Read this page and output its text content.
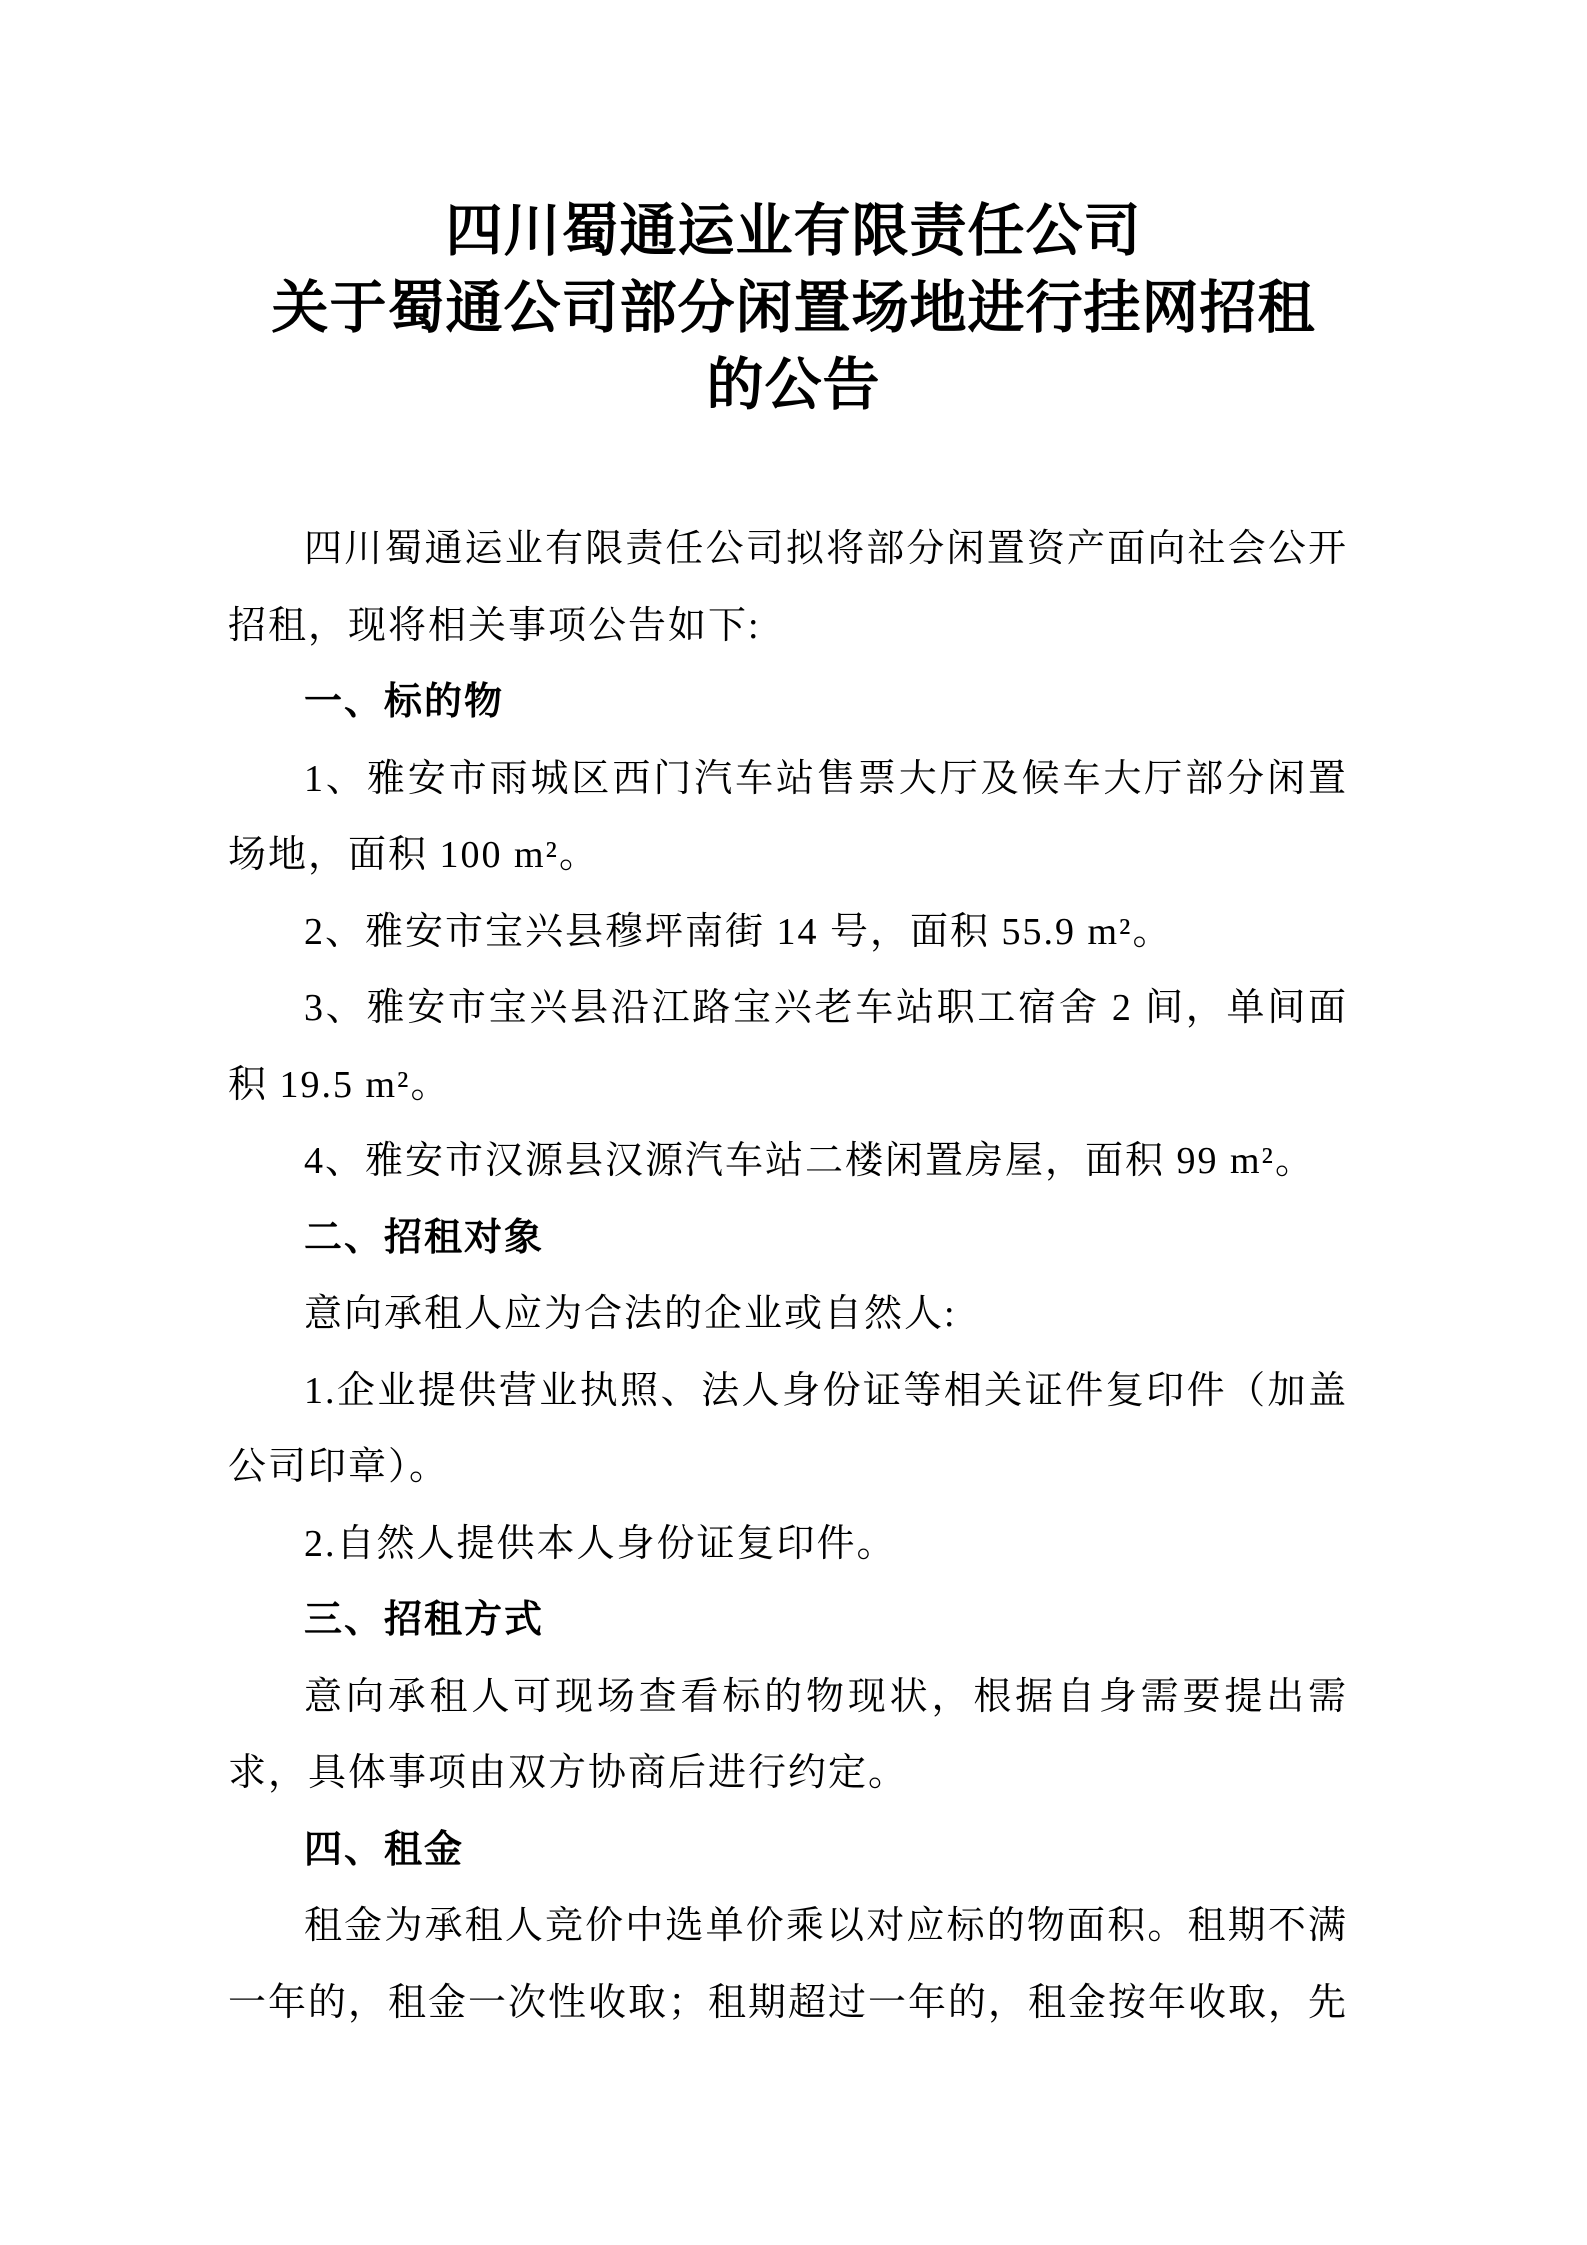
四川蜀通运业有限责任公司
关于蜀通公司部分闲置场地进行挂网招租
的公告

四川蜀通运业有限责任公司拟将部分闲置资产面向社会公开招租，现将相关事项公告如下:

一、标的物

1、雅安市雨城区西门汽车站售票大厅及候车大厅部分闲置场地，面积 100 m²。

2、雅安市宝兴县穆坪南街 14 号，面积 55.9 m²。

3、雅安市宝兴县沿江路宝兴老车站职工宿舍 2 间，单间面积 19.5 m²。

4、雅安市汉源县汉源汽车站二楼闲置房屋，面积 99 m²。

二、招租对象

意向承租人应为合法的企业或自然人:

1.企业提供营业执照、法人身份证等相关证件复印件（加盖公司印章）。

2.自然人提供本人身份证复印件。

三、招租方式

意向承租人可现场查看标的物现状，根据自身需要提出需求，具体事项由双方协商后进行约定。

四、租金

租金为承租人竞价中选单价乘以对应标的物面积。租期不满一年的，租金一次性收取；租期超过一年的，租金按年收取，先
